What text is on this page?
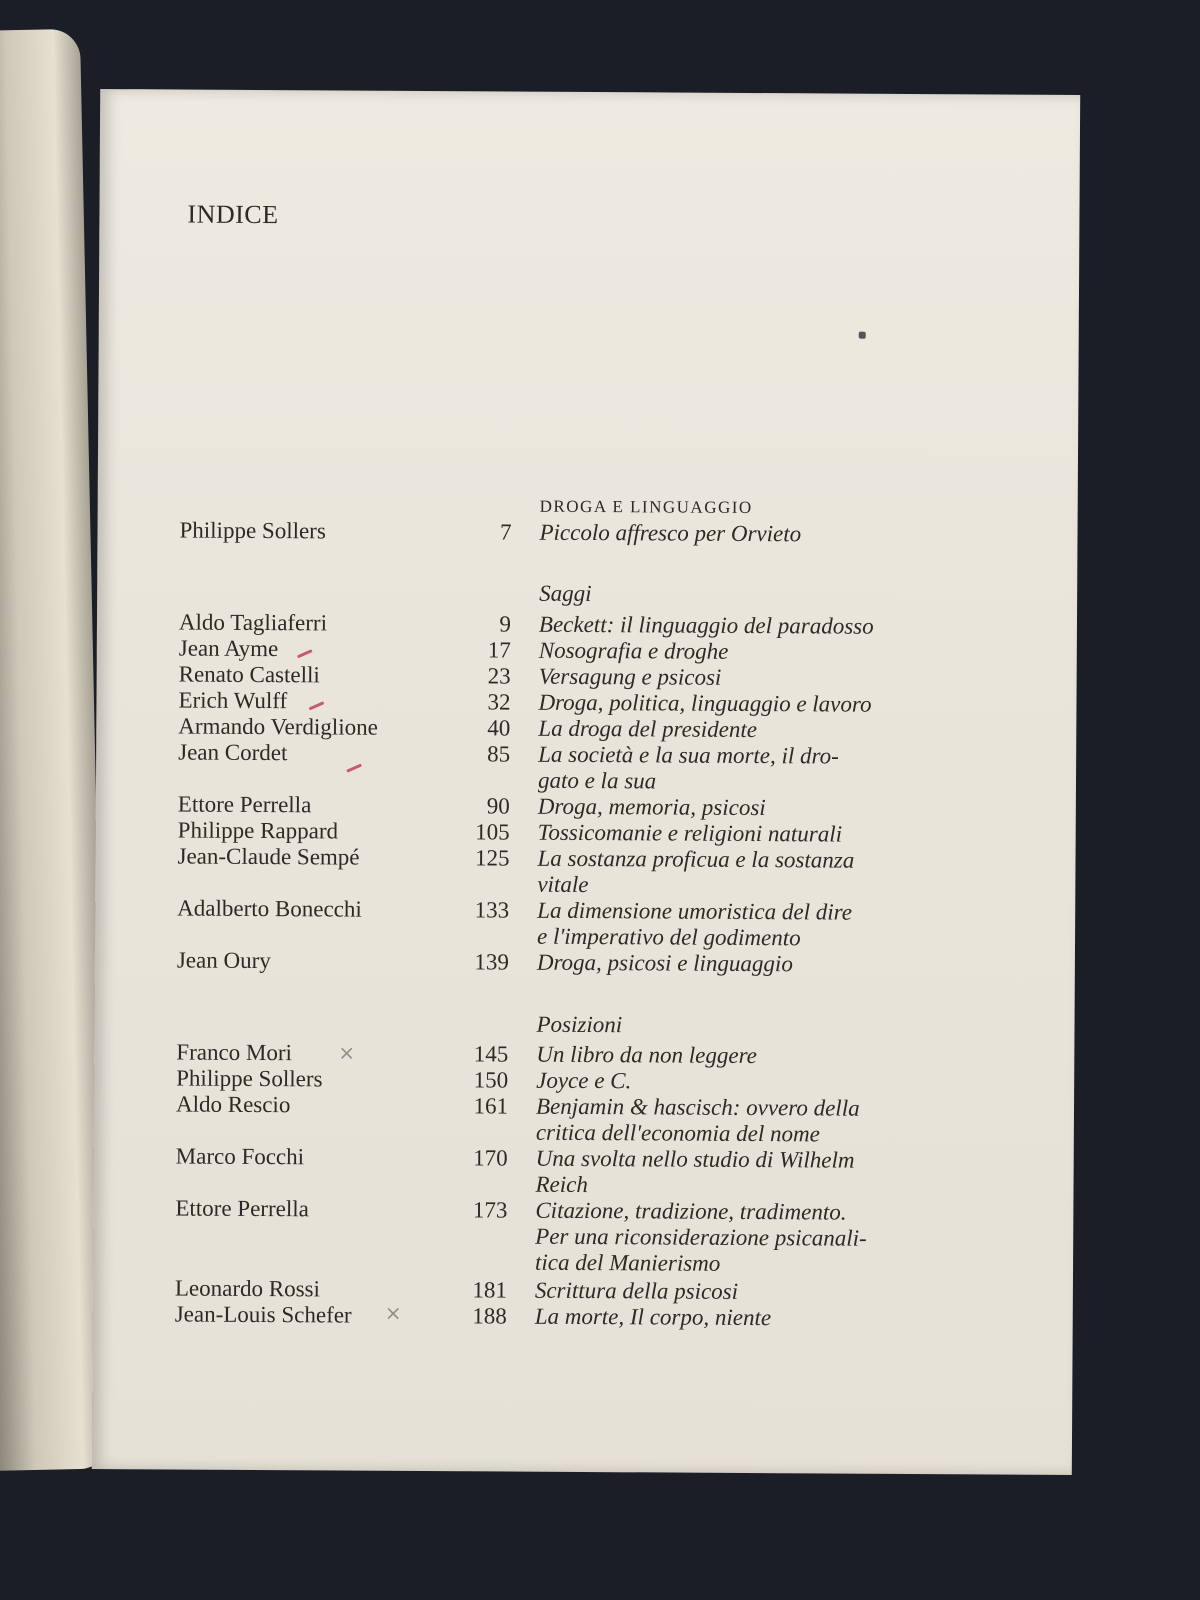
INDICE
DROGA E LINGUAGGIO
Saggi
Posizioni
Philippe Sollers	7 Piccolo affresco per Orvieto
Aldo Tagliaferri	9 Beckett: il linguaggio del paradosso
Jean Ayme	17 Nosografia e droghe
Renato Castelli	23 Versagung e psicosi
Erich Wulff	32 Droga, politica, linguaggio e lavoro
Armando Verdiglione	40 La droga del presidente
Jean Cordet	85 La società e la sua morte, il dro-
gato e la sua
Ettore Perrella	90 Droga, memoria, psicosi
Philippe Rappard	105 Tossicomanie e religioni naturali
Jean-Claude Sempé	125 La sostanza proficua e la sostanza
vitale
Adalberto Bonecchi	133 La dimensione umoristica del dire
e l'imperativo del godimento
Jean Oury	139 Droga, psicosi e linguaggio
Franco Mori	145 Un libro da non leggere
Philippe Sollers	150 Joyce e C.
Aldo Rescio	161 Benjamin & hascisch: ovvero della
critica dell'economia del nome
Marco Focchi	170 Una svolta nello studio di Wilhelm
Reich
Ettore Perrella	173 Citazione, tradizione, tradimento.
Per una riconsiderazione psicanali-
tica del Manierismo
Leonardo Rossi	181 Scrittura della psicosi
Jean-Louis Schefer	188 La morte, Il corpo, niente
×
×
